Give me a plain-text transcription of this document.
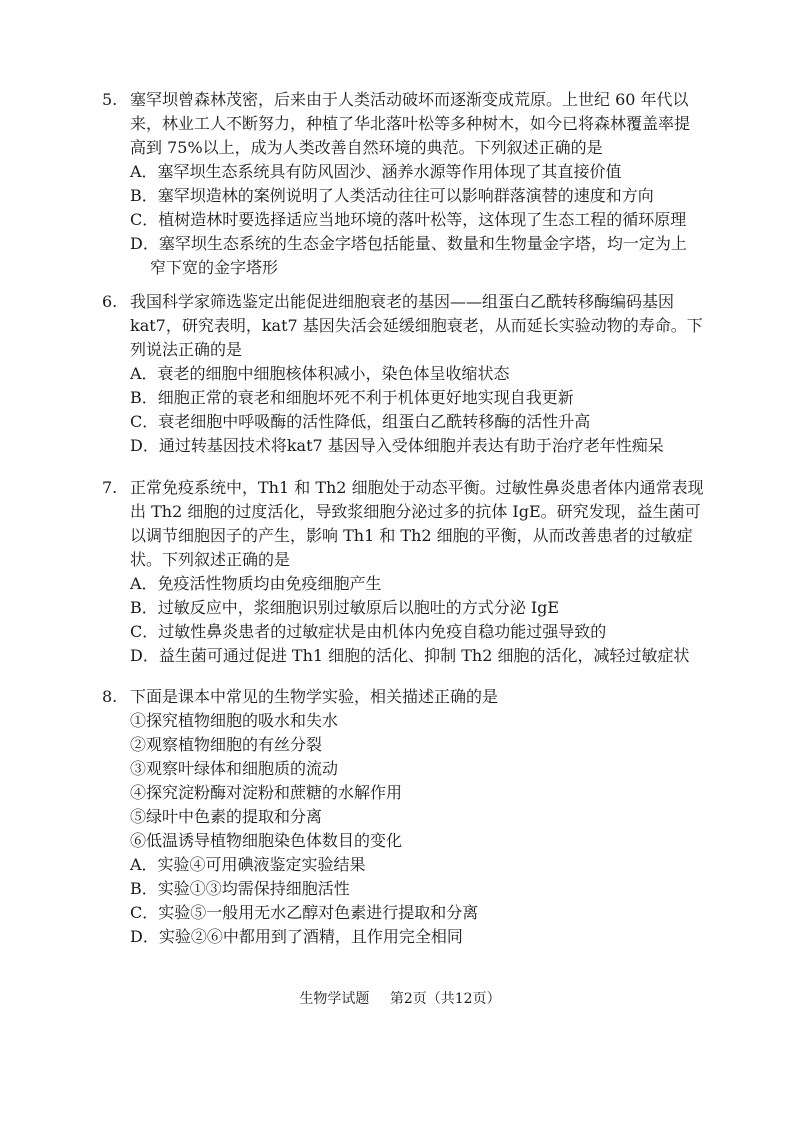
5. 塞罕坝曾森林茂密，后来由于人类活动破坏而逐渐变成荒原。上世纪 60 年代以
来，林业工人不断努力，种植了华北落叶松等多种树木，如今已将森林覆盖率提
高到 75%以上，成为人类改善自然环境的典范。下列叙述正确的是
A．塞罕坝生态系统具有防风固沙、涵养水源等作用体现了其直接价值
B．塞罕坝造林的案例说明了人类活动往往可以影响群落演替的速度和方向
C．植树造林时要选择适应当地环境的落叶松等，这体现了生态工程的循环原理
D．塞罕坝生态系统的生态金字塔包括能量、数量和生物量金字塔，均一定为上
窄下宽的金字塔形
6. 我国科学家筛选鉴定出能促进细胞衰老的基因——组蛋白乙酰转移酶编码基因
kat7，研究表明，kat7 基因失活会延缓细胞衰老，从而延长实验动物的寿命。下
列说法正确的是
A．衰老的细胞中细胞核体积减小，染色体呈收缩状态
B．细胞正常的衰老和细胞坏死不利于机体更好地实现自我更新
C．衰老细胞中呼吸酶的活性降低，组蛋白乙酰转移酶的活性升高
D．通过转基因技术将kat7 基因导入受体细胞并表达有助于治疗老年性痴呆
7. 正常免疫系统中，Th1 和 Th2 细胞处于动态平衡。过敏性鼻炎患者体内通常表现
出 Th2 细胞的过度活化，导致浆细胞分泌过多的抗体 IgE。研究发现，益生菌可
以调节细胞因子的产生，影响 Th1 和 Th2 细胞的平衡，从而改善患者的过敏症
状。下列叙述正确的是
A．免疫活性物质均由免疫细胞产生
B．过敏反应中，浆细胞识别过敏原后以胞吐的方式分泌 IgE
C．过敏性鼻炎患者的过敏症状是由机体内免疫自稳功能过强导致的
D．益生菌可通过促进 Th1 细胞的活化、抑制 Th2 细胞的活化，减轻过敏症状
8. 下面是课本中常见的生物学实验，相关描述正确的是
①探究植物细胞的吸水和失水
②观察植物细胞的有丝分裂
③观察叶绿体和细胞质的流动
④探究淀粉酶对淀粉和蔗糖的水解作用
⑤绿叶中色素的提取和分离
⑥低温诱导植物细胞染色体数目的变化
A．实验④可用碘液鉴定实验结果
B．实验①③均需保持细胞活性
C．实验⑤一般用无水乙醇对色素进行提取和分离
D．实验②⑥中都用到了酒精，且作用完全相同
生物学试题 第2页（共12页）
